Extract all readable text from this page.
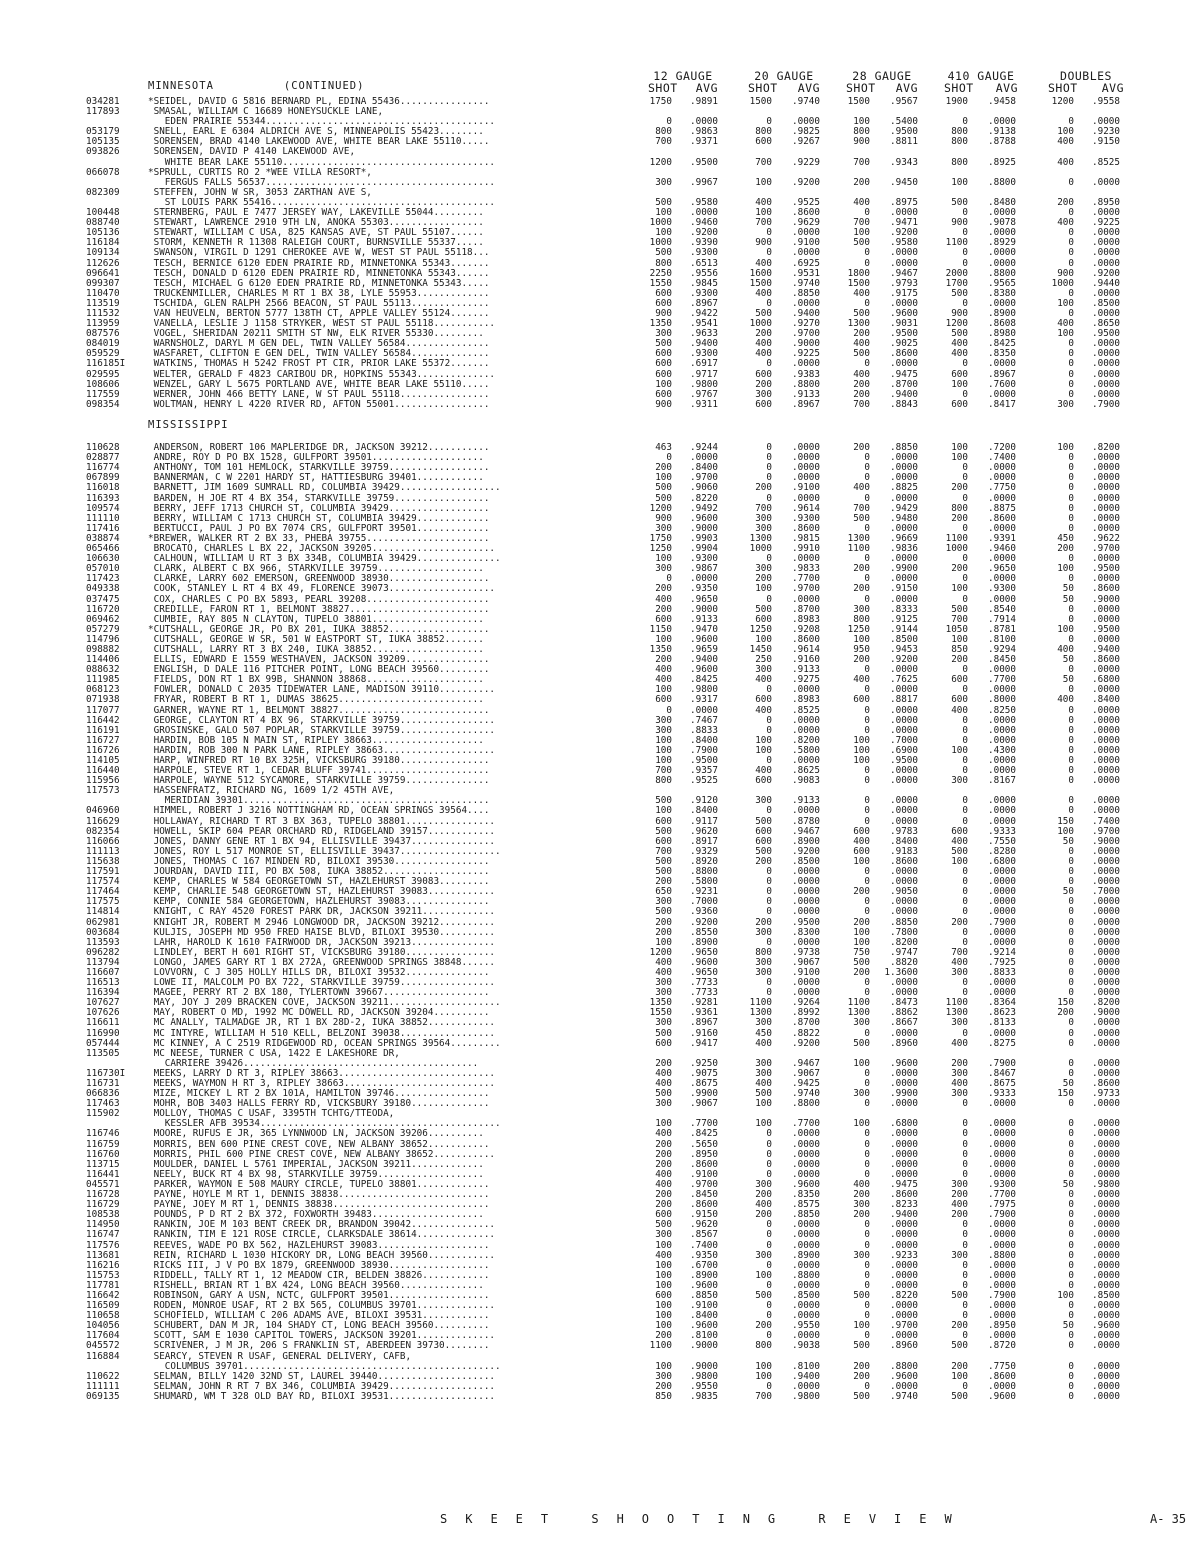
MINNESOTA	(CONTINUED)
12 GAUGE
SHOT AVG
20 GAUGE
SHOT AVG
28 GAUGE
SHOT AVG
410 GAUGE
SHOT AVG
DOUBLES
SHOT AVG
034281	*SEIDEL, DAVID G 5816 BERNARD PL, EDINA 55436................	1750	.9891	1500	.9740	1500	.9567	1900	.9458	1200	.9558
117893	SMASAL, WILLIAM C 16689 HONEYSUCKLE LANE,
EDEN PRAIRIE 55344.........................................	0	.0000	0	.0000	100	.5400	0	.0000	0	.0000
053179	SNELL, EARL E 6304 ALDRICH AVE S, MINNEAPOLIS 55423........	800	.9863	800	.9825	800	.9500	800	.9138	100	.9230
105135	SORENSEN, BRAD 4140 LAKEWOOD AVE, WHITE BEAR LAKE 55110.....	700	.9371	600	.9267	900	.8811	800	.8788	400	.9150
093826	SORENSEN, DAVID P 4140 LAKEWOOD AVE,
WHITE BEAR LAKE 55110......................................	1200	.9500	700	.9229	700	.9343	800	.8925	400	.8525
066078	*SPRULL, CURTIS RO 2 *WEE VILLA RESORT*,
FERGUS FALLS 56537.........................................	300	.9967	100	.9200	200	.9450	100	.8800	0	.0000
082309	STEFFEN, JOHN W SR, 3053 ZARTHAN AVE S,
ST LOUIS PARK 55416........................................	500	.9580	400	.9525	400	.8975	500	.8480	200	.8950
100448	STERNBERG, PAUL E 7477 JERSEY WAY, LAKEVILLE 55044.........	100	.0000	100	.8600	0	.0000	0	.0000	0	.0000
088740	STEWART, LAWRENCE 2910 9TH LN, ANOKA 55303.................	1000	.9460	700	.9629	700	.9471	900	.9078	400	.9225
105136	STEWART, WILLIAM C USA, 825 KANSAS AVE, ST PAUL 55107......	100	.9200	0	.0000	100	.9200	0	.0000	0	.0000
116184	STORM, KENNETH R 11308 RALEIGH COURT, BURNSVILLE 55337.....	1000	.9390	900	.9100	500	.9580	1100	.8929	0	.0000
109134	SWANSON, VIRGIL D 1291 CHEROKEE AVE W, WEST ST PAUL 55118...	500	.9300	0	.0000	0	.0000	0	.0000	0	.0000
112626	TESCH, BERNICE 6120 EDEN PRAIRIE RD, MINNETONKA 55343.......	800	.6513	400	.6925	0	.0000	0	.0000	0	.0000
096641	TESCH, DONALD D 6120 EDEN PRAIRIE RD, MINNETONKA 55343......	2250	.9556	1600	.9531	1800	.9467	2000	.8800	900	.9200
099307	TESCH, MICHAEL G 6120 EDEN PRAIRIE RD, MINNETONKA 55343.....	1550	.9845	1500	.9740	1500	.9793	1700	.9565	1000	.9440
110470	TRUCKENMILLER, CHARLES M RT 1 BX 38, LYLE 55953.............	600	.9300	400	.8850	400	.9175	500	.8380	0	.0000
113519	TSCHIDA, GLEN RALPH 2566 BEACON, ST PAUL 55113..............	600	.8967	0	.0000	0	.0000	0	.0000	100	.8500
111532	VAN HEUVELN, BERTON 5777 138TH CT, APPLE VALLEY 55124.......	900	.9422	500	.9400	500	.9600	900	.8900	0	.0000
113959	VANELLA, LESLIE J 1158 STRYKER, WEST ST PAUL 55118...........	1350	.9541	1000	.9270	1300	.9031	1200	.8608	400	.8650
087576	VOGEL, SHERIDAN 20211 SMITH ST NW, ELK RIVER 55330.........	300	.9633	200	.9700	200	.9500	500	.8980	100	.9500
084019	WARNSHOLZ, DARYL M GEN DEL, TWIN VALLEY 56584...............	500	.9400	400	.9000	400	.9025	400	.8425	0	.0000
059529	WASFARET, CLIFTON E GEN DEL, TWIN VALLEY 56584..............	600	.9300	400	.9225	500	.8600	400	.8350	0	.0000
116185I	WATKINS, THOMAS H 5242 FROST PT CIR, PRIOR LAKE 55372.......	600	.6917	0	.0000	0	.0000	0	.0000	0	.0000
029595	WELTER, GERALD F 4823 CARIBOU DR, HOPKINS 55343..............	600	.9717	600	.9383	400	.9475	600	.8967	0	.0000
108606	WENZEL, GARY L 5675 PORTLAND AVE, WHITE BEAR LAKE 55110.....	100	.9800	200	.8800	200	.8700	100	.7600	0	.0000
117559	WERNER, JOHN 466 BETTY LANE, W ST PAUL 55118................	600	.9767	300	.9133	200	.9400	0	.0000	0	.0000
098354	WOLTMAN, HENRY L 4220 RIVER RD, AFTON 55001.................	900	.9311	600	.8967	700	.8843	600	.8417	300	.7900
MISSISSIPPI
110628	ANDERSON, ROBERT 106 MAPLERIDGE DR, JACKSON 39212...........	463	.9244	0	.0000	200	.8850	100	.7200	100	.8200
028877	ANDRE, ROY D PO BX 1528, GULFPORT 39501....................	0	.0000	0	.0000	0	.0000	100	.7400	0	.0000
116774	ANTHONY, TOM 101 HEMLOCK, STARKVILLE 39759..................	200	.8400	0	.0000	0	.0000	0	.0000	0	.0000
067899	BANNERMAN, C W 2201 HARDY ST, HATTIESBURG 39401............	100	.9700	0	.0000	0	.0000	0	.0000	0	.0000
116018	BARNETT, JIM 1609 SUMRALL RD, COLUMBIA 39429..................	500	.9060	200	.9100	400	.8825	200	.7750	0	.0000
116393	BARDEN, H JOE RT 4 BX 354, STARKVILLE 39759.................	500	.8220	0	.0000	0	.0000	0	.0000	0	.0000
109574	BERRY, JEFF 1713 CHURCH ST, COLUMBIA 39429..................	1200	.9492	700	.9614	700	.9429	800	.8875	0	.0000
111110	BERRY, WILLIAM C 1713 CHURCH ST, COLUMBIA 39429.............	900	.9600	300	.9300	500	.9480	200	.8600	0	.0000
117416	BERTUCCI, PAUL J PO BX 7074 CRS, GULFPORT 39501.............	300	.9000	300	.8600	0	.0000	0	.0000	0	.0000
038874	*BREWER, WALKER RT 2 BX 33, PHEBA 39755......................	1750	.9903	1300	.9815	1300	.9669	1100	.9391	450	.9622
065466	BROCATO, CHARLES L BX 22, JACKSON 39205......................	1250	.9904	1000	.9910	1100	.9836	1000	.9460	200	.9700
106630	CALHOUN, WILLIAM U RT 3 BX 334B, COLUMBIA 39429...............	100	.9300	0	.0000	0	.0000	0	.0000	0	.0000
057010	CLARK, ALBERT C BX 966, STARKVILLE 39759...................	300	.9867	300	.9833	200	.9900	200	.9650	100	.9500
117423	CLARKE, LARRY 602 EMERSON, GREENWOOD 38930..................	0	.0000	200	.7700	0	.0000	0	.0000	0	.0000
049338	COOK, STANLEY L RT 4 BX 49, FLORENCE 39073...................	200	.9350	100	.9700	200	.9150	100	.9300	50	.8600
037475	COX, CHARLES C PO BX 5893, PEARL 39208......................	400	.9650	0	.0000	0	.0000	0	.0000	50	.9000
116720	CREDILLE, FARON RT 1, BELMONT 38827.........................	200	.9000	500	.8700	300	.8333	500	.8540	0	.0000
069462	CUMBIE, RAY 805 N CLAYTON, TUPELO 38801....................	600	.9133	600	.8983	800	.9125	700	.7914	0	.0000
057279	*CUTSHALL, GEORGE JR, PO BX 201, IUKA 38852..................	1150	.9470	1250	.9208	1250	.9144	1050	.8781	100	.9500
114796	CUTSHALL, GEORGE W SR, 501 W EASTPORT ST, IUKA 38852.......	100	.9600	100	.8600	100	.8500	100	.8100	0	.0000
098882	CUTSHALL, LARRY RT 3 BX 240, IUKA 38852....................	1350	.9659	1450	.9614	950	.9453	850	.9294	400	.9400
114406	ELLIS, EDWARD E 1559 WESTHAVEN, JACKSON 39209...............	200	.9400	250	.9160	200	.9200	200	.8450	50	.8600
088632	ENGLISH, D DALE 116 PITCHER POINT, LONG BEACH 39560.........	400	.9600	300	.9133	0	.0000	0	.0000	0	.0000
111985	FIELDS, DON RT 1 BX 99B, SHANNON 38868.....................	400	.8425	400	.9275	400	.7625	600	.7700	50	.6800
068123	FOWLER, DONALD C 2035 TIDEWATER LANE, MADISON 39110..........	100	.9800	0	.0000	0	.0000	0	.0000	0	.0000
071938	FRYAR, ROBERT B RT 1, DUMAS 38625..........................	600	.9317	600	.8983	600	.8817	600	.8000	400	.8400
117077	GARNER, WAYNE RT 1, BELMONT 38827...........................	0	.0000	400	.8525	0	.0000	400	.8250	0	.0000
116442	GEORGE, CLAYTON RT 4 BX 96, STARKVILLE 39759.................	300	.7467	0	.0000	0	.0000	0	.0000	0	.0000
116191	GROSINSKE, GALO 507 POPLAR, STARKVILLE 39759.................	300	.8833	0	.0000	0	.0000	0	.0000	0	.0000
116727	HARDIN, BOB 105 N MAIN ST, RIPLEY 38663....................	100	.8400	100	.8200	100	.7000	0	.0000	0	.0000
116726	HARDIN, ROB 300 N PARK LANE, RIPLEY 38663....................	100	.7900	100	.5800	100	.6900	100	.4300	0	.0000
114105	HARP, WINFRED RT 10 BX 325H, VICKSBURG 39180................	100	.9500	0	.0000	100	.9500	0	.0000	0	.0000
116440	HARPOLE, STEVE RT 1, CEDAR BLUFF 39741......................	700	.9357	400	.8625	0	.0000	0	.0000	0	.0000
115956	HARPOLE, WAYNE 512 SYCAMORE, STARKVILLE 39759...............	800	.9525	600	.9083	0	.0000	300	.8167	0	.0000
117573	HASSENFRATZ, RICHARD NG, 1609 1/2 45TH AVE,
MERIDIAN 39301............................................	500	.9120	300	.9133	0	.0000	0	.0000	0	.0000
046960	HIMMEL, ROBERT J 3216 NOTTINGHAM RD, OCEAN SPRINGS 39564....	100	.8400	0	.0000	0	.0000	0	.0000	0	.0000
116629	HOLLAWAY, RICHARD T RT 3 BX 363, TUPELO 38801................	600	.9117	500	.8780	0	.0000	0	.0000	150	.7400
082354	HOWELL, SKIP 604 PEAR ORCHARD RD, RIDGELAND 39157............	500	.9620	600	.9467	600	.9783	600	.9333	100	.9700
116066	JONES, DANNY GENE RT 1 BX 94, ELLISVILLE 39437...............	600	.8917	600	.8900	400	.8400	400	.7550	50	.9000
111113	JONES, ROY L 517 MONROE ST, ELLISVILLE 39437..................	700	.9329	500	.9200	600	.9183	500	.8280	0	.0000
115638	JONES, THOMAS C 167 MINDEN RD, BILOXI 39530.................	500	.8920	200	.8500	100	.8600	100	.6800	0	.0000
117591	JOURDAN, DAVID III, PO BX 508, IUKA 38852...................	500	.8800	0	.0000	0	.0000	0	.0000	0	.0000
117574	KEMP, CHARLES W 584 GEORGETOWN ST, HAZLEHURST 39083.........	200	.5800	0	.0000	0	.0000	0	.0000	0	.0000
117464	KEMP, CHARLIE 548 GEORGETOWN ST, HAZLEHURST 39083............	650	.9231	0	.0000	200	.9050	0	.0000	50	.7000
117575	KEMP, CONNIE 584 GEORGETOWN, HAZLEHURST 39083...............	300	.7000	0	.0000	0	.0000	0	.0000	0	.0000
114814	KNIGHT, C RAY 4520 FOREST PARK DR, JACKSON 39211.............	500	.9360	0	.0000	0	.0000	0	.0000	0	.0000
062981	KNIGHT JR, ROBERT M 2946 LONGWOOD DR, JACKSON 39212..........	200	.9200	200	.9500	200	.8850	200	.7900	0	.0000
003684	KULJIS, JOSEPH MD 950 FRED HAISE BLVD, BILOXI 39530..........	200	.8550	300	.8300	100	.7800	0	.0000	0	.0000
113593	LAHR, HAROLD K 1610 FAIRWOOD DR, JACKSON 39213...............	100	.8900	0	.0000	100	.8200	0	.0000	0	.0000
096282	LINDLEY, BERT H 601 RIGHT ST, VICKSBURG 39180................	1200	.9650	800	.9738	750	.9747	700	.9214	0	.0000
113794	LONGO, JAMES GARY RT 1 BX 272A, GREENWOOD SPRINGS 38848......	400	.9600	300	.9067	500	.8820	400	.7925	0	.0000
116607	LOVVORN, C J 305 HOLLY HILLS DR, BILOXI 39532...............	400	.9650	300	.9100	200	1.3600	300	.8833	0	.0000
116513	LOWE II, MALCOLM PO BX 722, STARKVILLE 39759.................	300	.7733	0	.0000	0	.0000	0	.0000	0	.0000
116394	MAGEE, PERRY RT 2 BX 180, TYLERTOWN 39667...................	300	.7733	0	.0000	0	.0000	0	.0000	0	.0000
107627	MAY, JOY J 209 BRACKEN COVE, JACKSON 39211....................	1350	.9281	1100	.9264	1100	.8473	1100	.8364	150	.8200
107626	MAY, ROBERT O MD, 1992 MC DOWELL RD, JACKSON 39204..........	1550	.9361	1300	.8992	1300	.8862	1300	.8623	200	.9000
116611	MC ANALLY, TALMADGE JR, RT 1 BX 28D-2, IUKA 38852............	300	.8967	300	.8700	300	.8667	300	.8133	0	.0000
116990	MC INTYRE, WILLIAM H 510 KELL, BELZONI 39038.................	500	.9160	450	.8822	0	.0000	0	.0000	0	.0000
057444	MC KINNEY, A C 2519 RIDGEWOOD RD, OCEAN SPRINGS 39564.........	600	.9417	400	.9200	500	.8960	400	.8275	0	.0000
113505	MC NEESE, TURNER C USA, 1422 E LAKESHORE DR,
CARRIERE 39426..........................................	200	.9250	300	.9467	100	.9600	200	.7900	0	.0000
116730I	MEEKS, LARRY D RT 3, RIPLEY 38663............................	400	.9075	300	.9067	0	.0000	300	.8467	0	.0000
116731	MEEKS, WAYMON H RT 3, RIPLEY 38663...........................	400	.8675	400	.9425	0	.0000	400	.8675	50	.8600
066836	MIZE, MICKEY L RT 2 BX 101A, HAMILTON 39746.................	500	.9900	500	.9740	300	.9900	300	.9333	150	.9733
117463	MOHR, BOB 3403 HALLS FERRY RD, VICKSBURY 39180..............	300	.9067	100	.8800	0	.0000	0	.0000	0	.0000
115902	MOLLOY, THOMAS C USAF, 3395TH TCHTG/TTEODA,
KESSLER AFB 39534...........................................	100	.7700	100	.7700	100	.6800	0	.0000	0	.0000
116746	MOORE, RUFUS E JR, 365 LYNNWOOD LN, JACKSON 39206..........	400	.8425	0	.0000	0	.0000	0	.0000	0	.0000
116759	MORRIS, BEN 600 PINE CREST COVE, NEW ALBANY 38652...........	200	.5650	0	.0000	0	.0000	0	.0000	0	.0000
116760	MORRIS, PHIL 600 PINE CREST COVE, NEW ALBANY 38652...........	200	.8950	0	.0000	0	.0000	0	.0000	0	.0000
113715	MOULDER, DANIEL L 5761 IMPERIAL, JACKSON 39211.............	200	.8600	0	.0000	0	.0000	0	.0000	0	.0000
116441	NEELY, BUCK RT 4 BX 98, STARKVILLE 39759...................	400	.9100	0	.0000	0	.0000	0	.0000	0	.0000
045571	PARKER, WAYMON E 508 MAURY CIRCLE, TUPELO 38801.............	400	.9700	300	.9600	400	.9475	300	.9300	50	.9800
116728	PAYNE, HOYLE M RT 1, DENNIS 38838...........................	200	.8450	200	.8350	200	.8600	200	.7700	0	.0000
116729	PAYNE, JOEY M RT 1, DENNIS 38838............................	200	.8600	400	.8575	300	.8233	400	.7975	0	.0000
108538	POUNDS, P D RT 2 BX 372, FOXWORTH 39483....................	600	.9150	200	.8850	200	.9400	200	.7900	0	.0000
114950	RANKIN, JOE M 103 BENT CREEK DR, BRANDON 39042...............	500	.9620	0	.0000	0	.0000	0	.0000	0	.0000
116747	RANKIN, TIM E 121 ROSE CIRCLE, CLARKSDALE 38614..............	300	.8567	0	.0000	0	.0000	0	.0000	0	.0000
117576	REEVES, WADE PO BX 562, HAZLEHURST 39083....................	100	.7400	0	.0000	0	.0000	0	.0000	0	.0000
113681	REIN, RICHARD L 1030 HICKORY DR, LONG BEACH 39560............	400	.9350	300	.8900	300	.9233	300	.8800	0	.0000
116216	RICKS III, J V PO BX 1879, GREENWOOD 38930..................	100	.6700	0	.0000	0	.0000	0	.0000	0	.0000
115753	RIDDELL, TALLY RT 1, 12 MEADOW CIR, BELDEN 38826............	100	.8900	100	.8800	0	.0000	0	.0000	0	.0000
117781	RISHELL, BRIAN RT 1 BX 424, LONG BEACH 39560...............	100	.9600	0	.0000	0	.0000	0	.0000	0	.0000
116642	ROBINSON, GARY A USN, NCTC, GULFPORT 39501..................	600	.8850	500	.8500	500	.8220	500	.7900	100	.8500
116509	RODEN, MONROE USAF, RT 2 BX 565, COLUMBUS 39701..............	100	.9100	0	.0000	0	.0000	0	.0000	0	.0000
110658	SCHOFIELD, WILLIAM C 206 ADAMS AVE, BILOXI 39531............	100	.8400	0	.0000	0	.0000	0	.0000	0	.0000
104056	SCHUBERT, DAN M JR, 104 SHADY CT, LONG BEACH 39560..........	100	.9600	200	.9550	100	.9700	200	.8950	50	.9600
117604	SCOTT, SAM E 1030 CAPITOL TOWERS, JACKSON 39201..............	200	.8100	0	.0000	0	.0000	0	.0000	0	.0000
045572	SCRIVENER, J M JR, 206 S FRANKLIN ST, ABERDEEN 39730........	1100	.9000	800	.9038	500	.8960	500	.8720	0	.0000
116884	SEARCY, STEVEN R USAF, GENERAL DELIVERY, CAFB,
COLUMBUS 39701..............................................	100	.9000	100	.8100	200	.8800	200	.7750	0	.0000
110622	SELMAN, BILLY 1420 32ND ST, LAUREL 39440.....................	300	.9800	100	.9400	200	.9600	100	.8600	0	.0000
111111	SELMAN, JOHN R RT 7 BX 346, COLUMBIA 39429...................	200	.9550	0	.0000	0	.0000	0	.0000	0	.0000
069135	SHUMARD, WM T 328 OLD BAY RD, BILOXI 39531...................	850	.9835	700	.9800	500	.9740	500	.9600	0	.0000
SKEET SHOOTING REVIEW	A- 35
